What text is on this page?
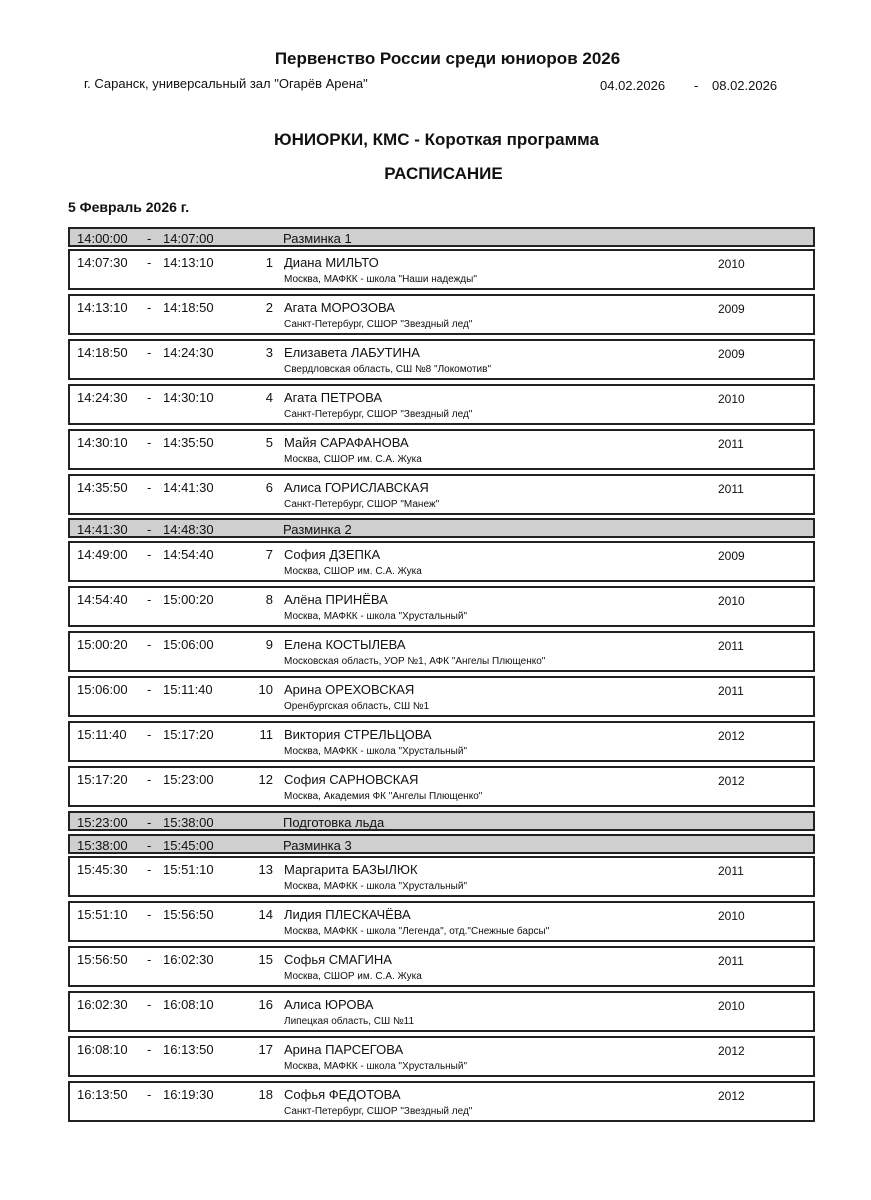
Первенство России среди юниоров 2026
г. Саранск, универсальный зал "Огарёв Арена"	04.02.2026 - 08.02.2026
ЮНИОРКИ, КМС - Короткая программа
РАСПИСАНИЕ
5 Февраль 2026 г.
14:00:00 - 14:07:00	Разминка 1
14:07:30 - 14:13:10	1 Диана МИЛЬТО	2010
Москва, МАФКК - школа "Наши надежды"
14:13:10 - 14:18:50	2 Агата МОРОЗОВА	2009
Санкт-Петербург, СШОР "Звездный лед"
14:18:50 - 14:24:30	3 Елизавета ЛАБУТИНА	2009
Свердловская область, СШ №8 "Локомотив"
14:24:30 - 14:30:10	4 Агата ПЕТРОВА	2010
Санкт-Петербург, СШОР "Звездный лед"
14:30:10 - 14:35:50	5 Майя САРАФАНОВА	2011
Москва, СШОР им. С.А. Жука
14:35:50 - 14:41:30	6 Алиса ГОРИСЛАВСКАЯ	2011
Санкт-Петербург, СШОР "Манеж"
14:41:30 - 14:48:30	Разминка 2
14:49:00 - 14:54:40	7 София ДЗЕПКА	2009
Москва, СШОР им. С.А. Жука
14:54:40 - 15:00:20	8 Алёна ПРИНЁВА	2010
Москва, МАФКК - школа "Хрустальный"
15:00:20 - 15:06:00	9 Елена КОСТЫЛЕВА	2011
Московская область, УОР №1, АФК "Ангелы Плющенко"
15:06:00 - 15:11:40	10 Арина ОРЕХОВСКАЯ	2011
Оренбургская область, СШ №1
15:11:40 - 15:17:20	11 Виктория СТРЕЛЬЦОВА	2012
Москва, МАФКК - школа "Хрустальный"
15:17:20 - 15:23:00	12 София САРНОВСКАЯ	2012
Москва, Академия ФК "Ангелы Плющенко"
15:23:00 - 15:38:00	Подготовка льда
15:38:00 - 15:45:00	Разминка 3
15:45:30 - 15:51:10	13 Маргарита БАЗЫЛЮК	2011
Москва, МАФКК - школа "Хрустальный"
15:51:10 - 15:56:50	14 Лидия ПЛЕСКАЧЁВА	2010
Москва, МАФКК - школа "Легенда", отд."Снежные барсы"
15:56:50 - 16:02:30	15 Софья СМАГИНА	2011
Москва, СШОР им. С.А. Жука
16:02:30 - 16:08:10	16 Алиса ЮРОВА	2010
Липецкая область, СШ №11
16:08:10 - 16:13:50	17 Арина ПАРСЕГОВА	2012
Москва, МАФКК - школа "Хрустальный"
16:13:50 - 16:19:30	18 Софья ФЕДОТОВА	2012
Санкт-Петербург, СШОР "Звездный лед"
